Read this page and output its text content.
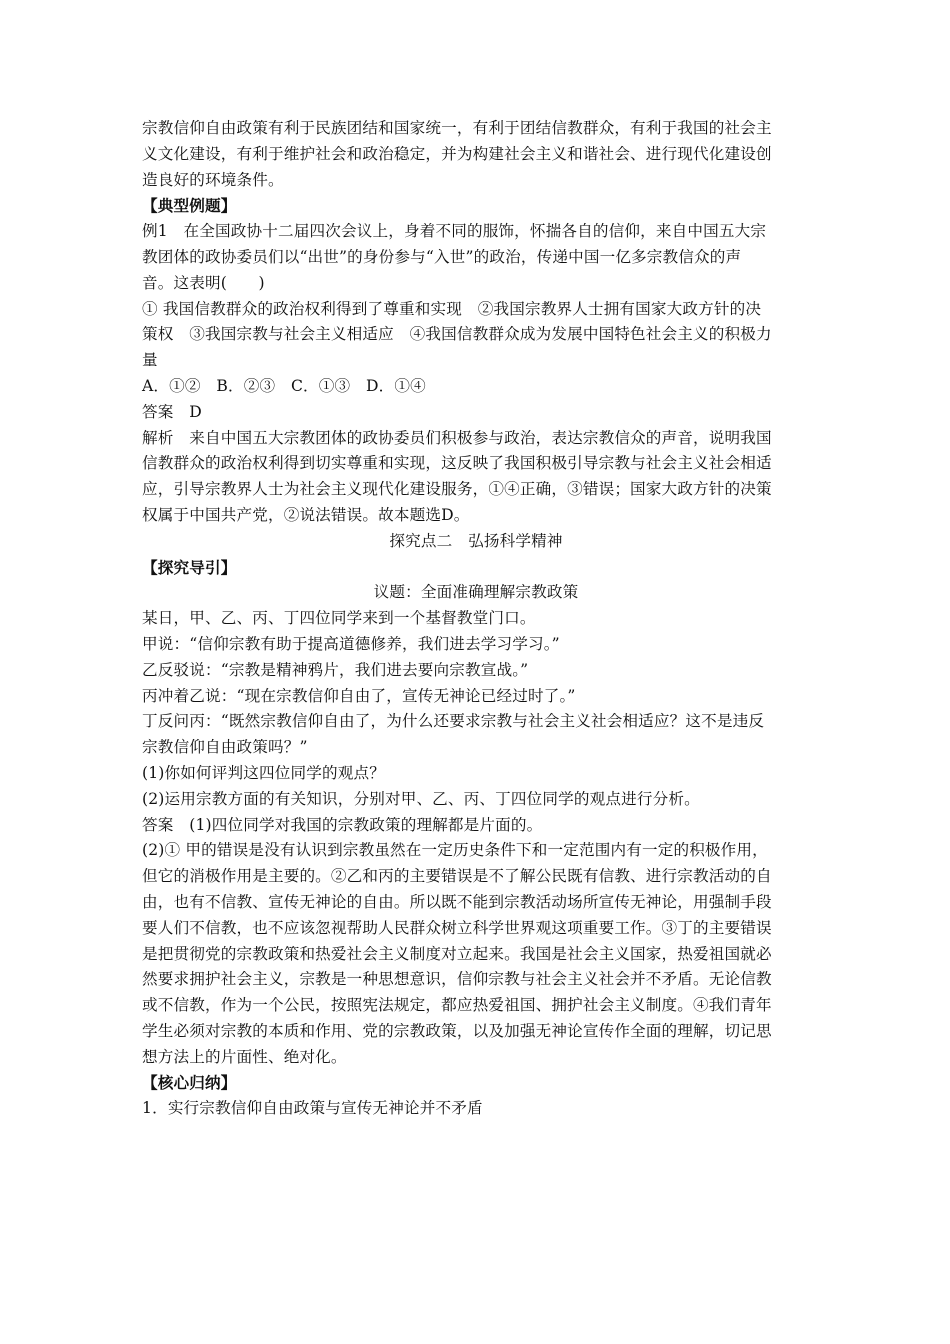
宗教信仰自由政策有利于民族团结和国家统一，有利于团结信教群众，有利于我国的社会主
义文化建设，有利于维护社会和政治稳定，并为构建社会主义和谐社会、进行现代化建设创
造良好的环境条件。
【典型例题】
例1　在全国政协十二届四次会议上，身着不同的服饰，怀揣各自的信仰，来自中国五大宗
教团体的政协委员们以“出世”的身份参与“入世”的政治，传递中国一亿多宗教信众的声
音。这表明(　　)
① 我国信教群众的政治权利得到了尊重和实现　②我国宗教界人士拥有国家大政方针的决
策权　③我国宗教与社会主义相适应　④我国信教群众成为发展中国特色社会主义的积极力
量
A．①②　B．②③　C．①③　D．①④
答案　D
解析　来自中国五大宗教团体的政协委员们积极参与政治，表达宗教信众的声音，说明我国
信教群众的政治权利得到切实尊重和实现，这反映了我国积极引导宗教与社会主义社会相适
应，引导宗教界人士为社会主义现代化建设服务，①④正确，③错误；国家大政方针的决策
权属于中国共产党，②说法错误。故本题选D。
探究点二　弘扬科学精神
【探究导引】
议题：全面准确理解宗教政策
某日，甲、乙、丙、丁四位同学来到一个基督教堂门口。
甲说：“信仰宗教有助于提高道德修养，我们进去学习学习。”
乙反驳说：“宗教是精神鸦片，我们进去要向宗教宣战。”
丙冲着乙说：“现在宗教信仰自由了，宣传无神论已经过时了。”
丁反问丙：“既然宗教信仰自由了，为什么还要求宗教与社会主义社会相适应？这不是违反
宗教信仰自由政策吗？”
(1)你如何评判这四位同学的观点？
(2)运用宗教方面的有关知识，分别对甲、乙、丙、丁四位同学的观点进行分析。
答案　(1)四位同学对我国的宗教政策的理解都是片面的。
(2)① 甲的错误是没有认识到宗教虽然在一定历史条件下和一定范围内有一定的积极作用，
但它的消极作用是主要的。②乙和丙的主要错误是不了解公民既有信教、进行宗教活动的自
由，也有不信教、宣传无神论的自由。所以既不能到宗教活动场所宣传无神论，用强制手段
要人们不信教，也不应该忽视帮助人民群众树立科学世界观这项重要工作。③丁的主要错误
是把贯彻党的宗教政策和热爱社会主义制度对立起来。我国是社会主义国家，热爱祖国就必
然要求拥护社会主义，宗教是一种思想意识，信仰宗教与社会主义社会并不矛盾。无论信教
或不信教，作为一个公民，按照宪法规定，都应热爱祖国、拥护社会主义制度。④我们青年
学生必须对宗教的本质和作用、党的宗教政策，以及加强无神论宣传作全面的理解，切记思
想方法上的片面性、绝对化。
【核心归纳】
1．实行宗教信仰自由政策与宣传无神论并不矛盾
